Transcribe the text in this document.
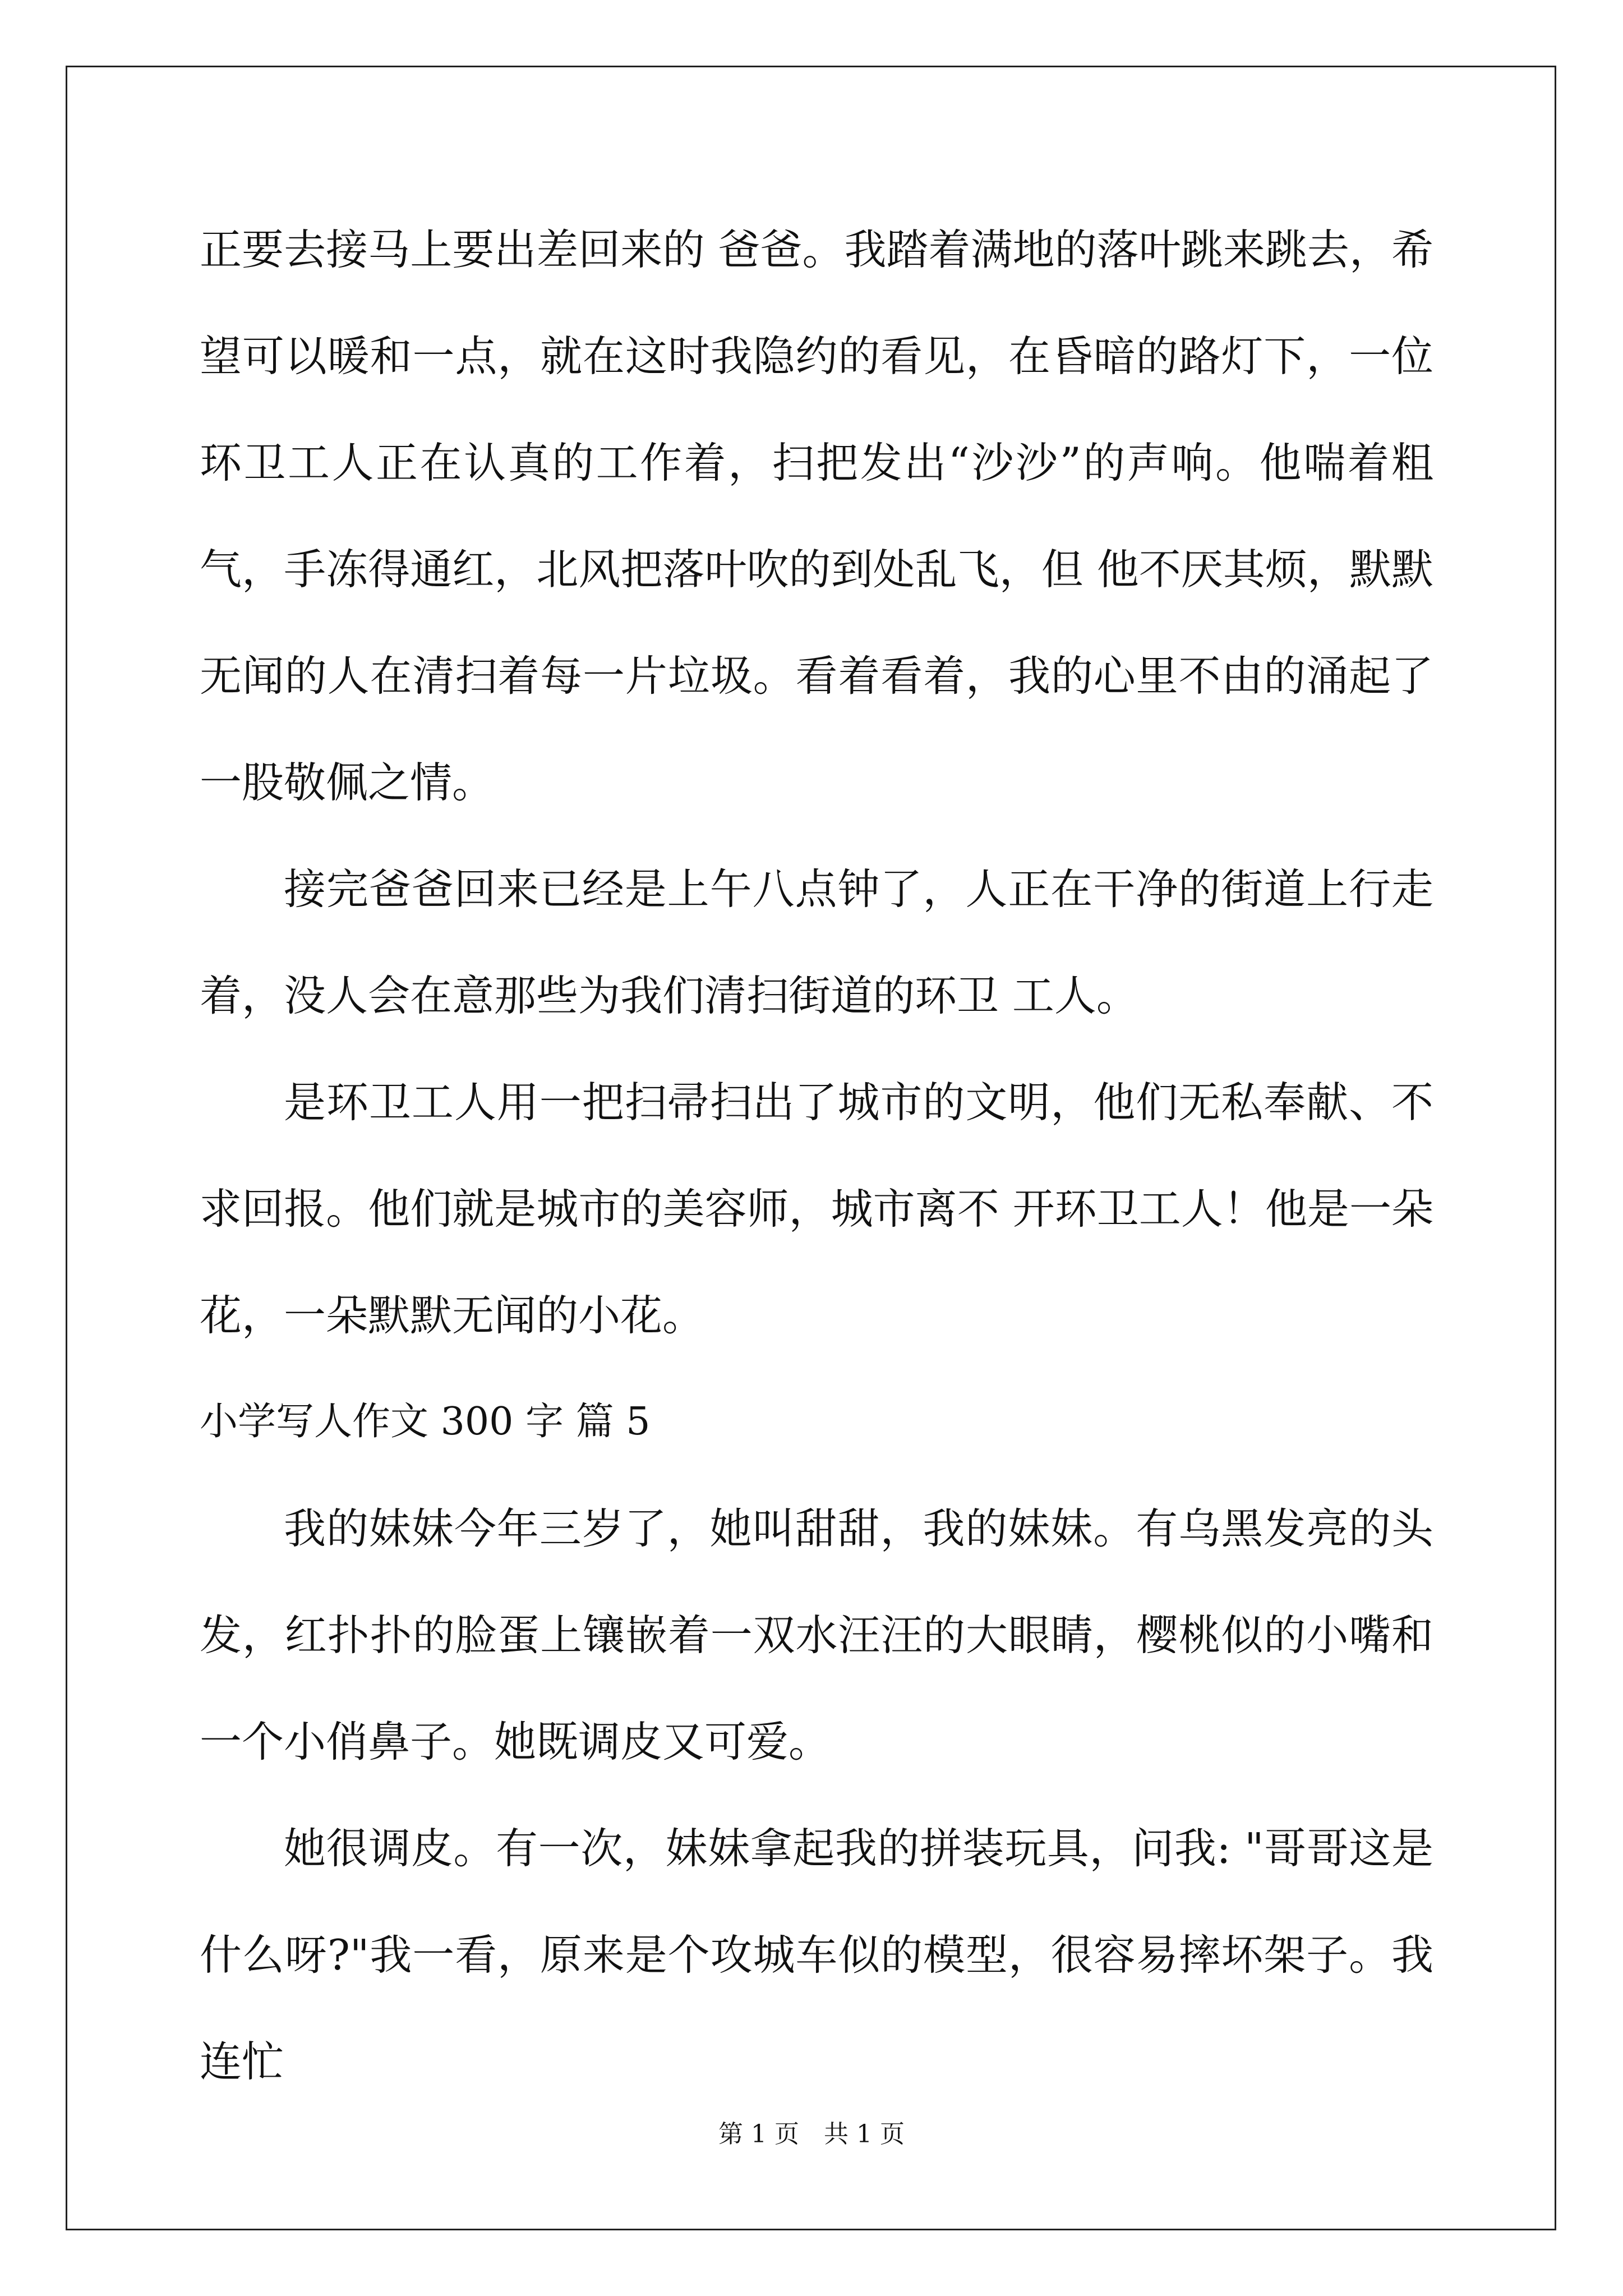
正要去接马上要出差回来的 爸爸。我踏着满地的落叶跳来跳去，希望可以暖和一点，就在这时我隐约的看见，在昏暗的路灯下，一位环卫工人正在认真的工作着，扫把发出“沙沙”的声响。他喘着粗气，手冻得通红，北风把落叶吹的到处乱飞，但 他不厌其烦，默默无闻的人在清扫着每一片垃圾。看着看着，我的心里不由的涌起了一股敬佩之情。

接完爸爸回来已经是上午八点钟了，人正在干净的街道上行走着，没人会在意那些为我们清扫街道的环卫 工人。

是环卫工人用一把扫帚扫出了城市的文明，他们无私奉献、不求回报。他们就是城市的美容师，城市离不 开环卫工人！他是一朵花，一朵默默无闻的小花。

小学写人作文 300 字 篇 5

我的妹妹今年三岁了，她叫甜甜，我的妹妹。有乌黑发亮的头发，红扑扑的脸蛋上镶嵌着一双水汪汪的大眼睛，樱桃似的小嘴和一个小俏鼻子。她既调皮又可爱。

她很调皮。有一次，妹妹拿起我的拼装玩具，问我: "哥哥这是什么呀?"我一看，原来是个攻城车似的模型，很容易摔坏架子。我连忙

第 1 页　共 1 页
